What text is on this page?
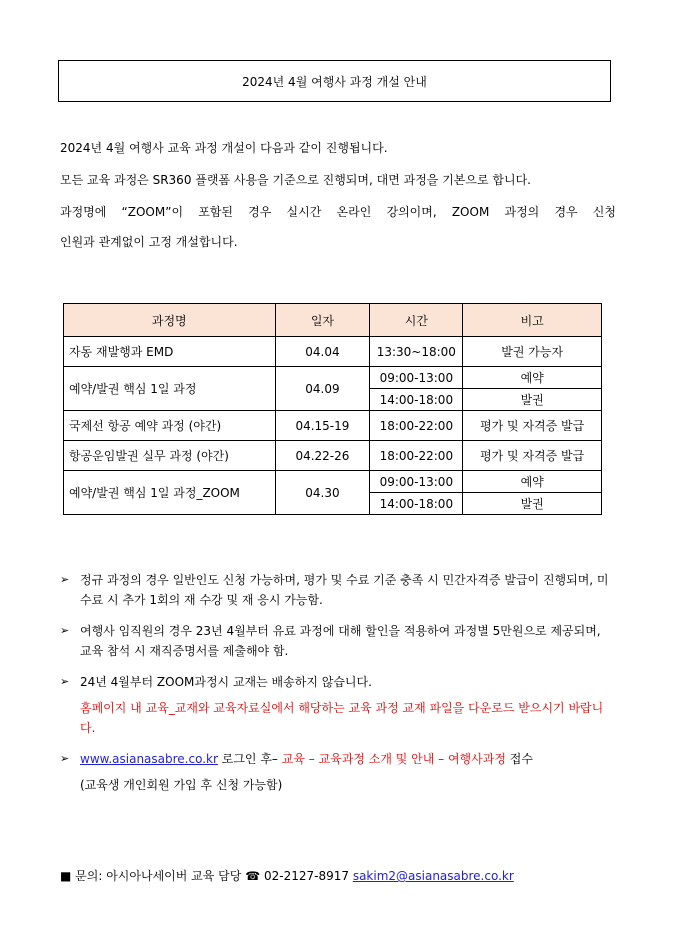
2024년 4월 여행사 과정 개설 안내

2024년 4월 여행사 교육 과정 개설이 다음과 같이 진행됩니다.

모든 교육 과정은 SR360 플랫폼 사용을 기준으로 진행되며, 대면 과정을 기본으로 합니다.

과정명에 “ZOOM”이 포함된 경우 실시간 온라인 강의이며, ZOOM 과정의 경우 신청

인원과 관계없이 고정 개설합니다.

과정명	일자	시간	비고
자동 재발행과 EMD	04.04	13:30~18:00	발권 가능자
예약/발권 핵심 1일 과정	04.09	09:00-13:00	예약
		14:00-18:00	발권
국제선 항공 예약 과정 (야간)	04.15-19	18:00-22:00	평가 및 자격증 발급
항공운임발권 실무 과정 (야간)	04.22-26	18:00-22:00	평가 및 자격증 발급
예약/발권 핵심 1일 과정_ZOOM	04.30	09:00-13:00	예약
		14:00-18:00	발권
➢ 정규 과정의 경우 일반인도 신청 가능하며, 평가 및 수료 기준 충족 시 민간자격증 발급이 진행되며, 미 수료 시 추가 1회의 재 수강 및 재 응시 가능함.
➢ 여행사 임직원의 경우 23년 4월부터 유료 과정에 대해 할인을 적용하여 과정별 5만원으로 제공되며, 교육 참석 시 재직증명서를 제출해야 함.
➢ 24년 4월부터 ZOOM과정시 교재는 배송하지 않습니다.
홈페이지 내 교육_교재와 교육자료실에서 해당하는 교육 과정 교재 파일을 다운로드 받으시기 바랍니다.
➢ www.asianasabre.co.kr 로그인 후– 교육 – 교육과정 소개 및 안내 – 여행사과정 접수
(교육생 개인회원 가입 후 신청 가능함)
■ 문의: 아시아나세이버 교육 담당 ☎ 02-2127-8917 sakim2@asianasabre.co.kr
